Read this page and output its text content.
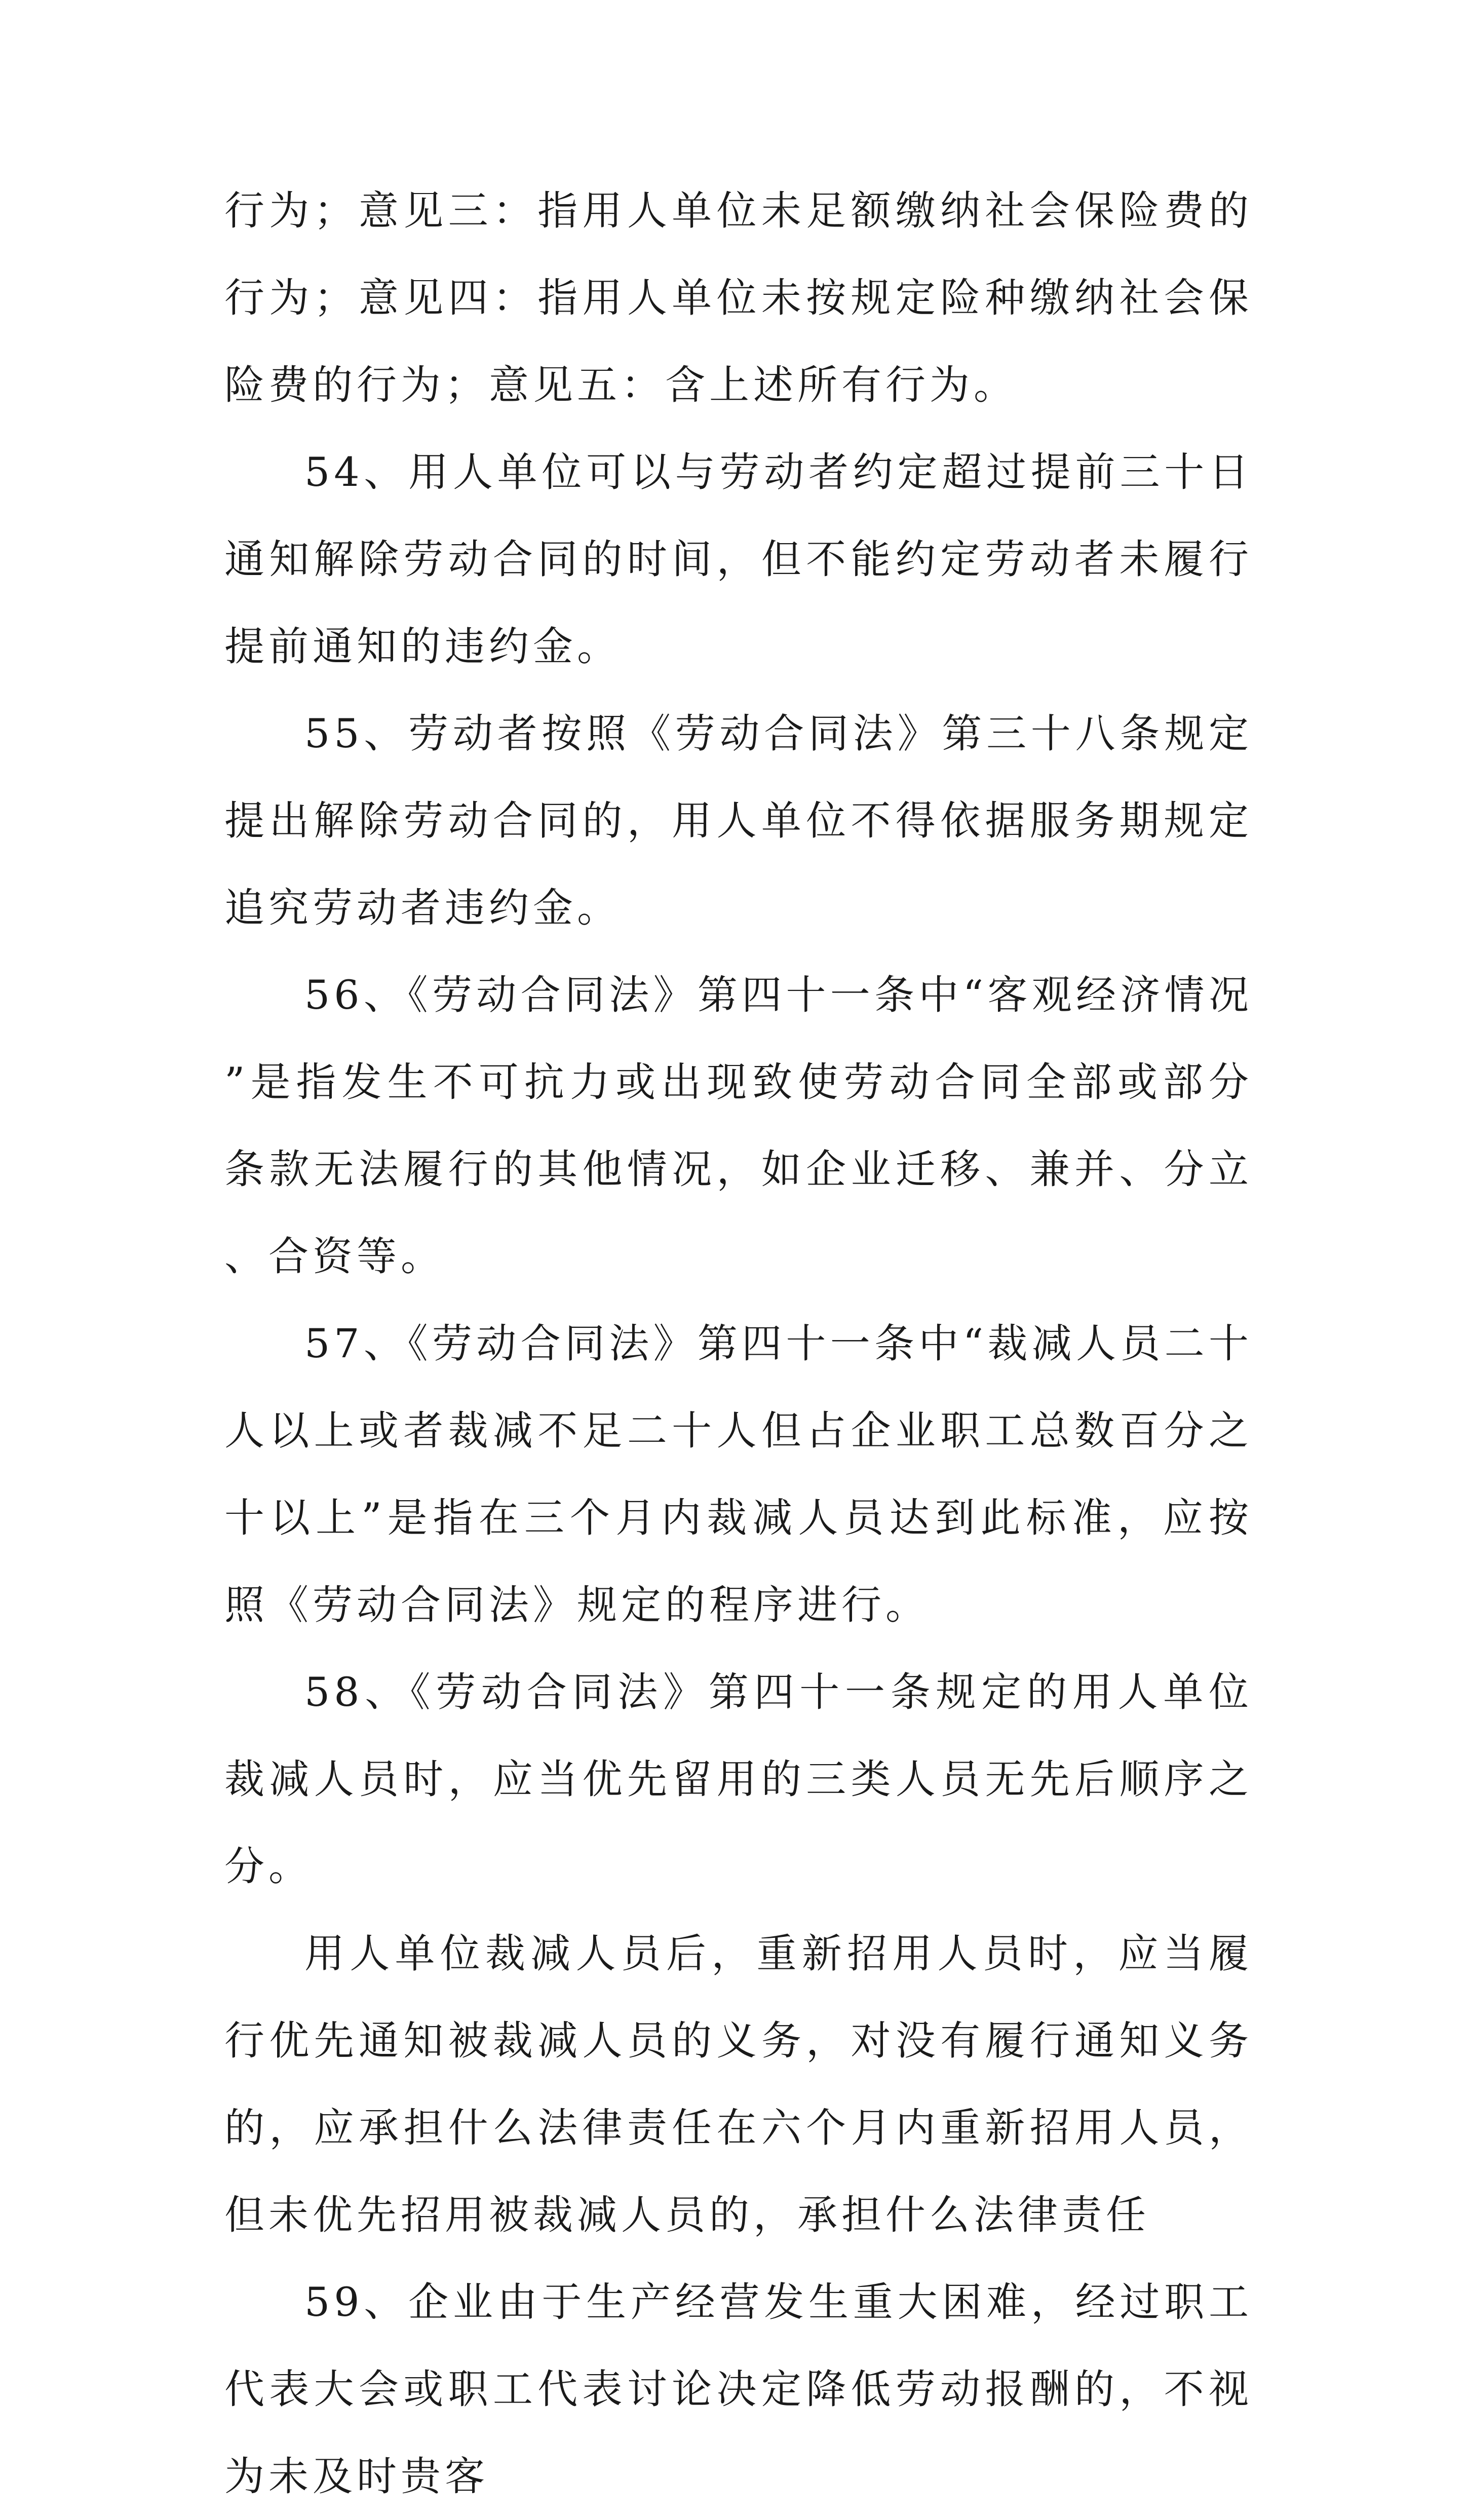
行为；意见三：指用人单位未足额缴纳社会保险费的行为；意见四：指用人单位未按规定险种缴纳社会保险费的行为；意见五：含上述所有行为。

54、用人单位可以与劳动者约定超过提前三十日通知解除劳动合同的时间，但不能约定劳动者未履行提前通知的违约金。

55、劳动者按照《劳动合同法》第三十八条规定提出解除劳动合同的，用人单位不得依据服务期规定追究劳动者违约金。

56、《劳动合同法》第四十一条中“客观经济情况”是指发生不可抗力或出现致使劳动合同全部或部分条款无法履行的其他情况，如企业迁移、兼并、分立、合资等。

57、《劳动合同法》第四十一条中“裁减人员二十人以上或者裁减不足二十人但占企业职工总数百分之十以上”是指在三个月内裁减人员达到此标准，应按照《劳动合同法》规定的程序进行。

58、《劳动合同法》第四十一条规定的用人单位裁减人员时，应当优先留用的三类人员无先后顺序之分。

用人单位裁减人员后，重新招用人员时，应当履行优先通知被裁减人员的义务，对没有履行通知义务的，应承担什么法律责任在六个月内重新招用人员，但未优先招用被裁减人员的，承担什么法律责任

59、企业由于生产经营发生重大困难，经过职工代表大会或职工代表讨论决定降低劳动报酬的，不视为未及时贵客
